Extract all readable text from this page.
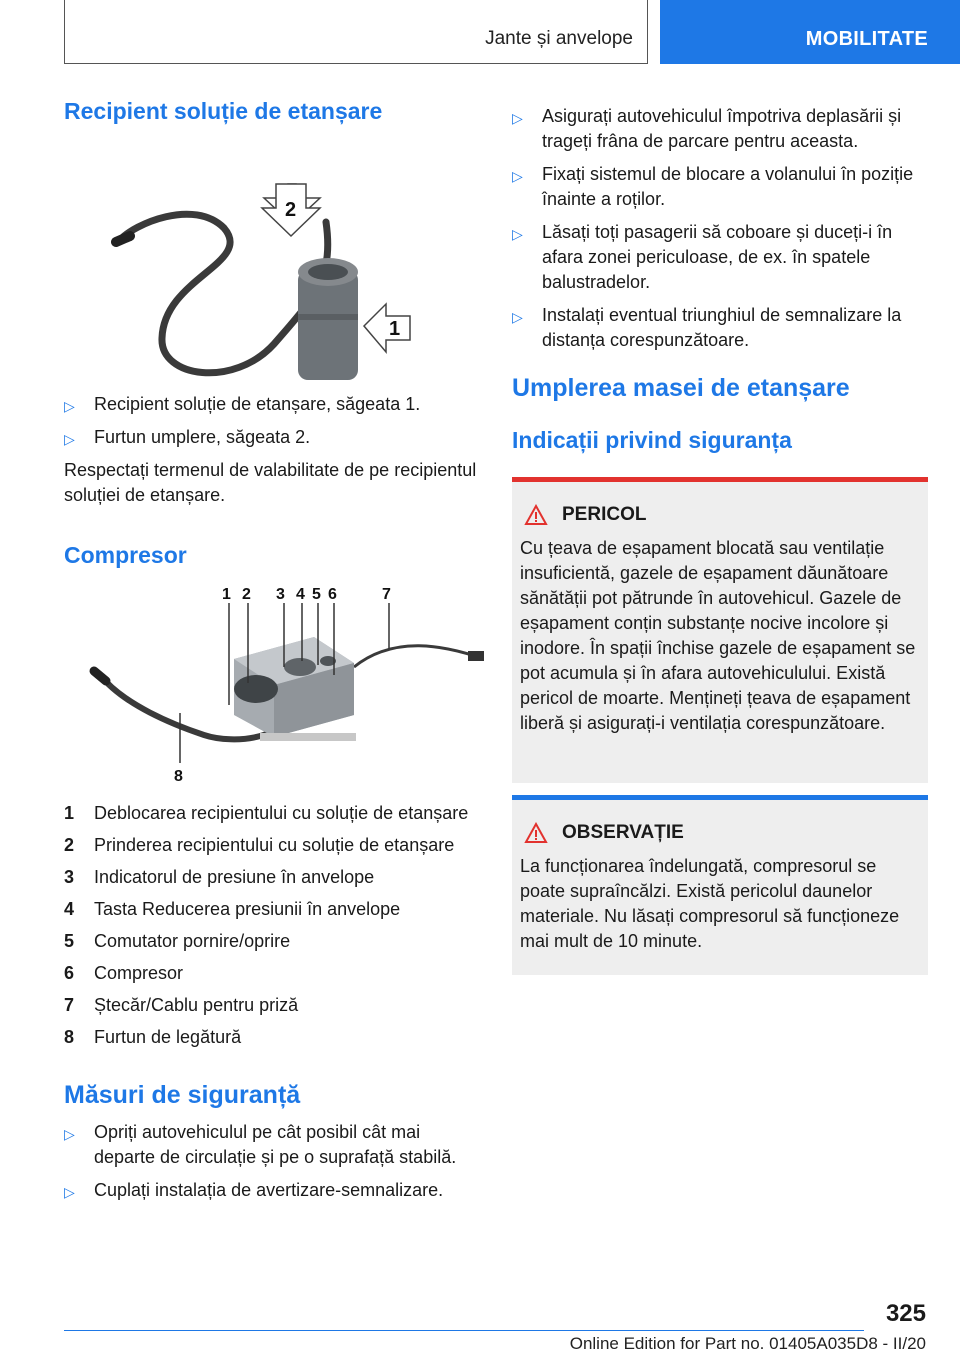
Jante și anvelope	MOBILITATE
Recipient soluție de etanșare
2
1
▷ Recipient soluție de etanșare, săgeata 1.
▷ Furtun umplere, săgeata 2.

Respectați termenul de valabilitate de pe recipientul soluției de etanșare.

Compresor
1 2 3 4 5 6	7
8
1 Deblocarea recipientului cu soluție de etanșare
2 Prinderea recipientului cu soluție de etanșare
3 Indicatorul de presiune în anvelope
4 Tasta Reducerea presiunii în anvelope
5 Comutator pornire/oprire
6 Compresor
7 Ștecăr/Cablu pentru priză
8 Furtun de legătură
Măsuri de siguranță
▷ Opriți autovehiculul pe cât posibil cât mai departe de circulație și pe o suprafață stabilă.
▷ Cuplați instalația de avertizare-semnalizare.
▷ Asigurați autovehiculul împotriva deplasării și trageți frâna de parcare pentru aceasta.
▷ Fixați sistemul de blocare a volanului în poziție înainte a roților.
▷ Lăsați toți pasagerii să coboare și duceți-i în afara zonei periculoase, de ex. în spatele balustradelor.
▷ Instalați eventual triunghiul de semnalizare la distanța corespunzătoare.
Umplerea masei de etanșare
Indicații privind siguranța
PERICOL
Cu țeava de eșapament blocată sau ventilație insuficientă, gazele de eșapament dăunătoare sănătății pot pătrunde în autovehicul. Gazele de eșapament conțin substanțe nocive incolore și inodore. În spații închise gazele de eșapament se pot acumula și în afara autovehiculului. Există pericol de moarte. Mențineți țeava de eșapament liberă și asigurați-i ventilația corespunzătoare.
OBSERVAȚIE
La funcționarea îndelungată, compresorul se poate supraîncălzi. Există pericolul daunelor materiale. Nu lăsați compresorul să funcționeze mai mult de 10 minute.
325
Online Edition for Part no. 01405A035D8 - II/20
